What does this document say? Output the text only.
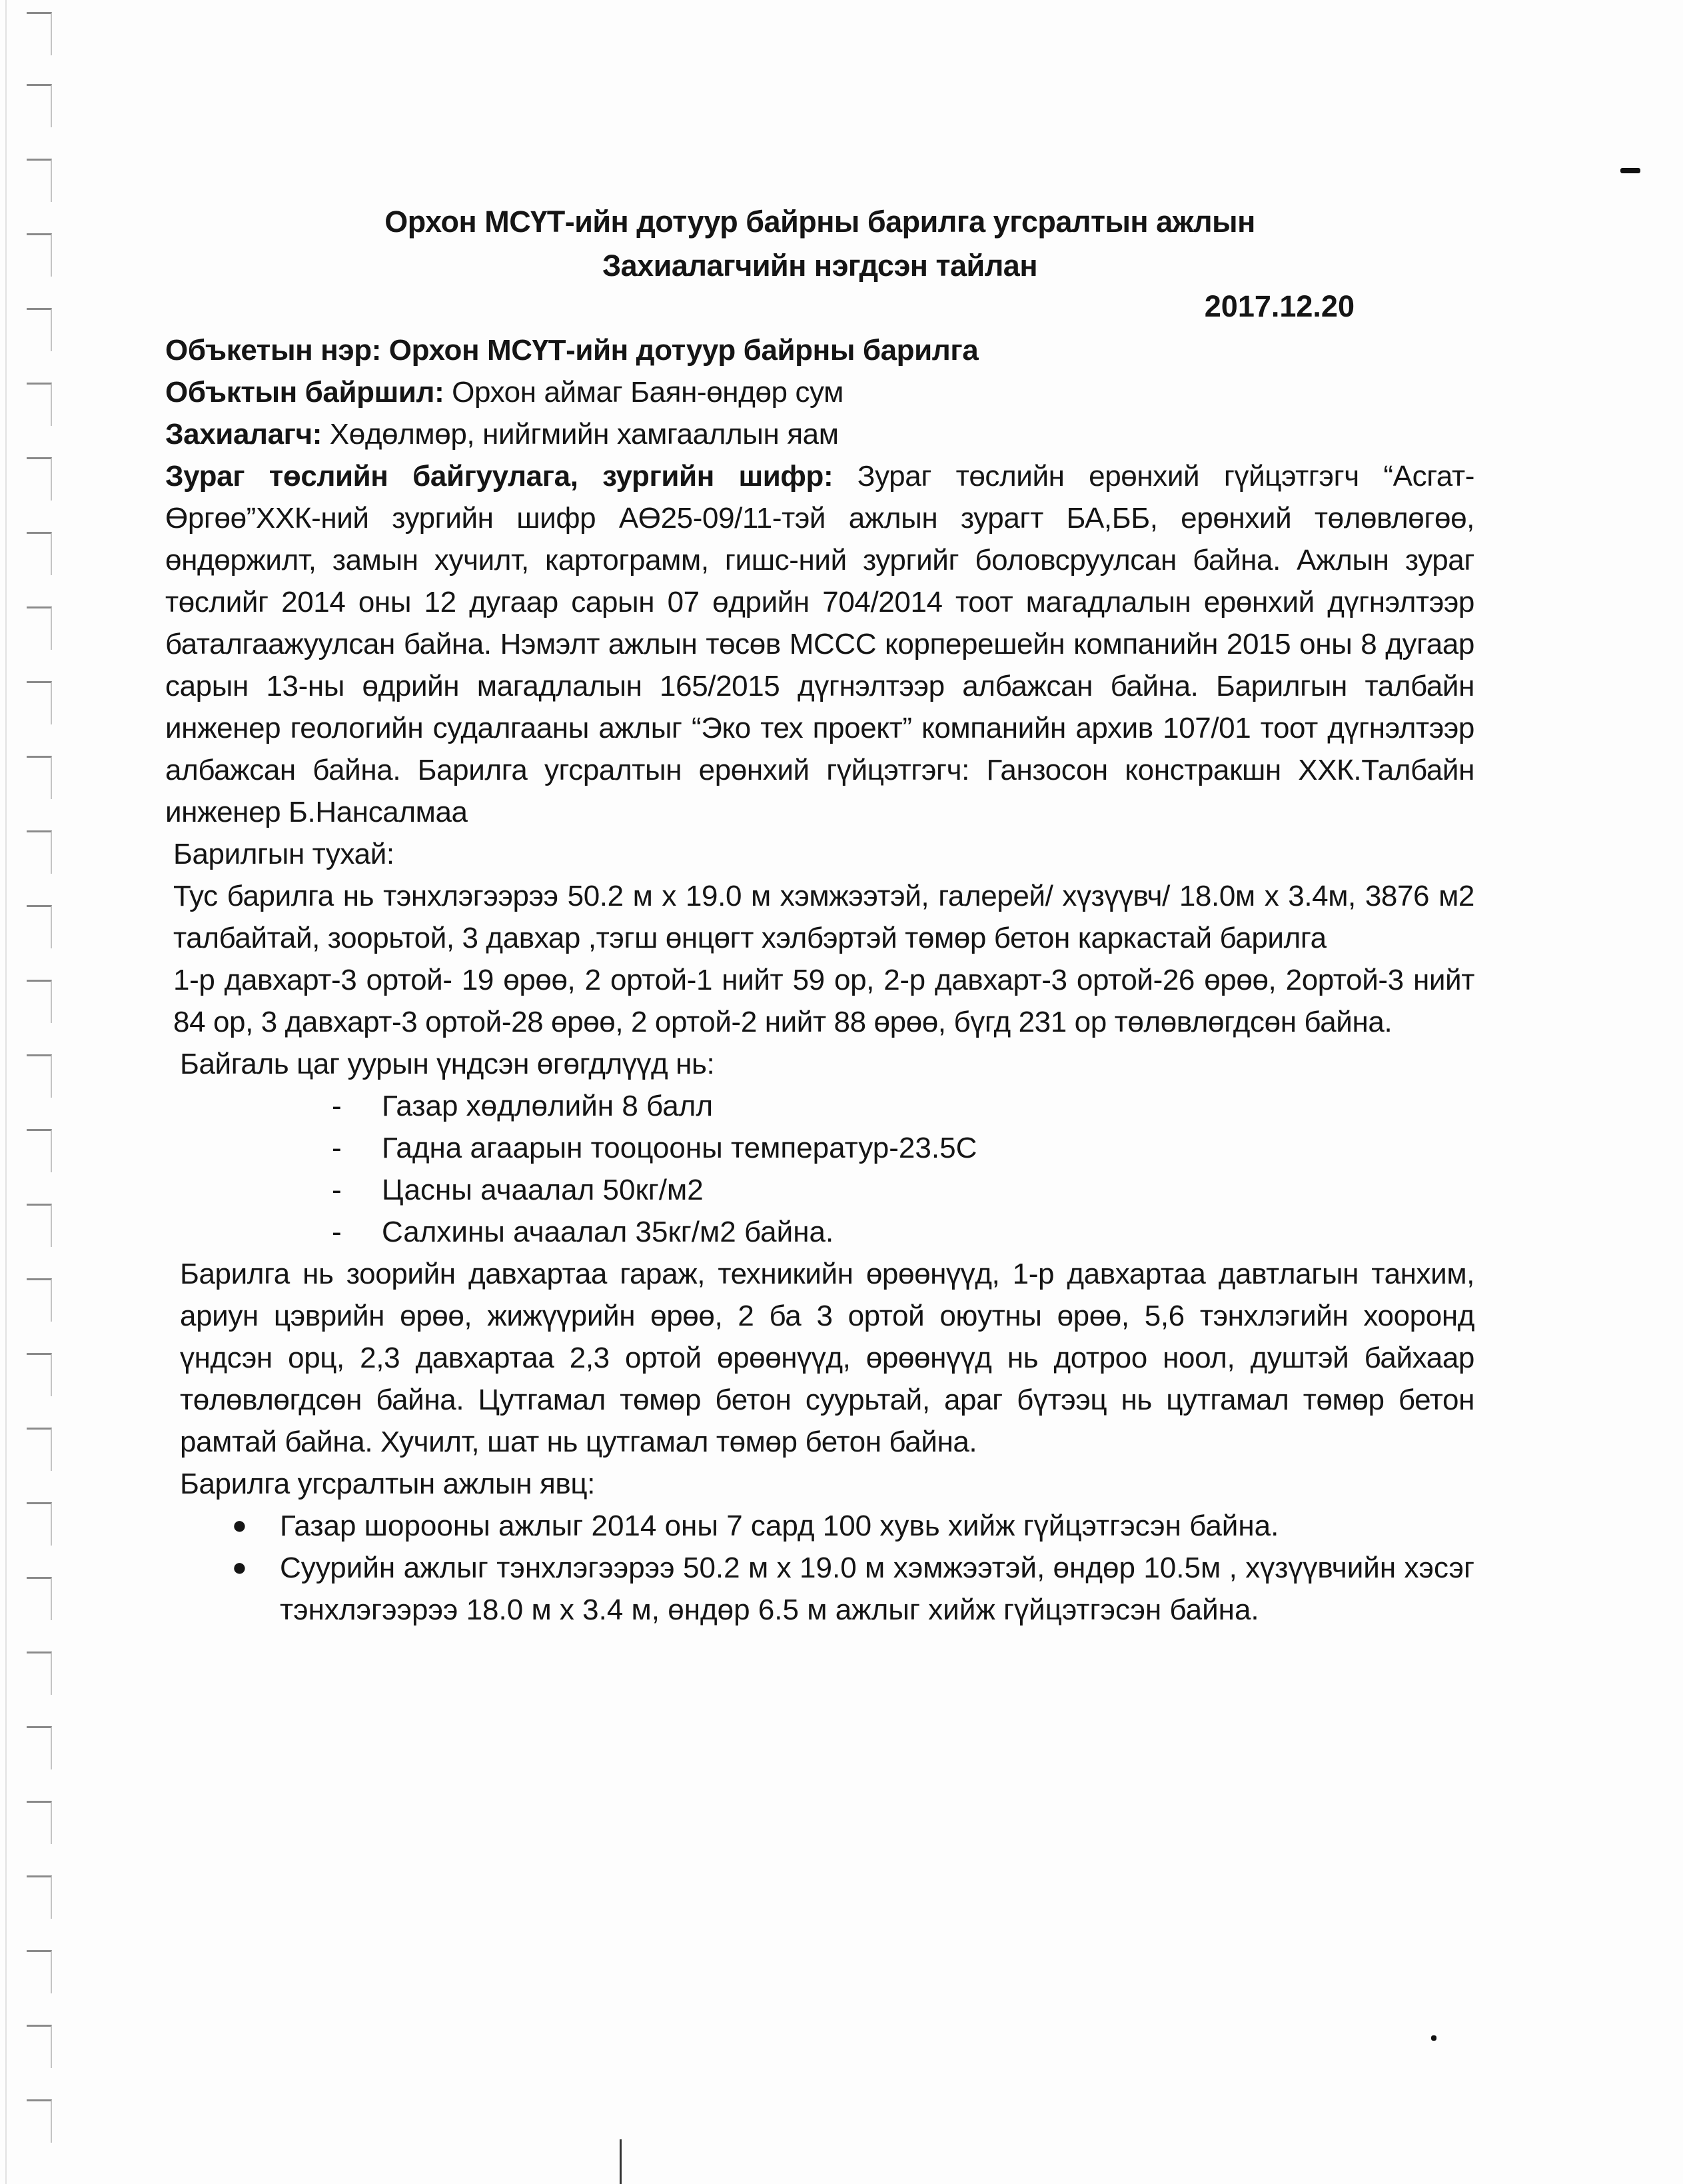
Орхон МСҮТ-ийн дотуур байрны барилга угсралтын ажлын
Захиалагчийн нэгдсэн тайлан
2017.12.20

Объкетын нэр: Орхон МСҮТ-ийн дотуур байрны барилга

Объктын байршил: Орхон аймаг Баян-өндөр сум

Захиалагч: Хөдөлмөр, нийгмийн хамгааллын яам

Зураг төслийн байгуулага, зургийн шифр: Зураг төслийн ерөнхий гүйцэтгэгч “Асгат-Өргөө”ХХК-ний зургийн шифр АӨ25-09/11-тэй ажлын зурагт БА,ББ, ерөнхий төлөвлөгөө, өндөржилт, замын хучилт, картограмм, гишс-ний зургийг боловсруулсан байна. Ажлын зураг төслийг 2014 оны 12 дугаар сарын 07 өдрийн 704/2014 тоот магадлалын ерөнхий дүгнэлтээр баталгаажуулсан байна. Нэмэлт ажлын төсөв МССС корперешейн компанийн 2015 оны 8 дугаар сарын 13-ны өдрийн магадлалын 165/2015 дүгнэлтээр албажсан байна. Барилгын талбайн инженер геологийн судалгааны ажлыг “Эко тех проект” компанийн архив 107/01 тоот дүгнэлтээр албажсан байна. Барилга угсралтын ерөнхий гүйцэтгэгч: Ганзосон констракшн ХХК.Талбайн инженер Б.Нансалмаа

Барилгын тухай:

Тус барилга нь тэнхлэгээрээ 50.2 м x 19.0 м хэмжээтэй, галерей/ хүзүүвч/ 18.0м x 3.4м, 3876 м2 талбайтай, зоорьтой, 3 давхар ,тэгш өнцөгт хэлбэртэй төмөр бетон каркастай барилга

1-р давхарт-3 ортой- 19 өрөө, 2 ортой-1 нийт 59 ор, 2-р давхарт-3 ортой-26 өрөө, 2ортой-3 нийт 84 ор, 3 давхарт-3 ортой-28 өрөө, 2 ортой-2 нийт 88 өрөө, бүгд 231 ор төлөвлөгдсөн байна.

Байгаль цаг уурын үндсэн өгөгдлүүд нь:

- Газар хөдлөлийн 8 балл
- Гадна агаарын тооцооны температур-23.5С
- Цасны ачаалал 50кг/м2
- Салхины ачаалал 35кг/м2 байна.

Барилга нь зоорийн давхартаа гараж, техникийн өрөөнүүд, 1-р давхартаа давтлагын танхим, ариун цэврийн өрөө, жижүүрийн өрөө, 2 ба 3 ортой оюутны өрөө, 5,6 тэнхлэгийн хооронд үндсэн орц, 2,3 давхартаа 2,3 ортой өрөөнүүд, өрөөнүүд нь дотроо ноол, душтэй байхаар төлөвлөгдсөн байна. Цутгамал төмөр бетон суурьтай, араг бүтээц нь цутгамал төмөр бетон рамтай байна. Хучилт, шат нь цутгамал төмөр бетон байна.

Барилга угсралтын ажлын явц:

● Газар шорооны ажлыг 2014 оны 7 сард 100 хувь хийж гүйцэтгэсэн байна.
● Суурийн ажлыг тэнхлэгээрээ 50.2 м x 19.0 м хэмжээтэй, өндөр 10.5м , хүзүүвчийн хэсэг тэнхлэгээрээ 18.0 м x 3.4 м, өндөр 6.5 м ажлыг хийж гүйцэтгэсэн байна.
